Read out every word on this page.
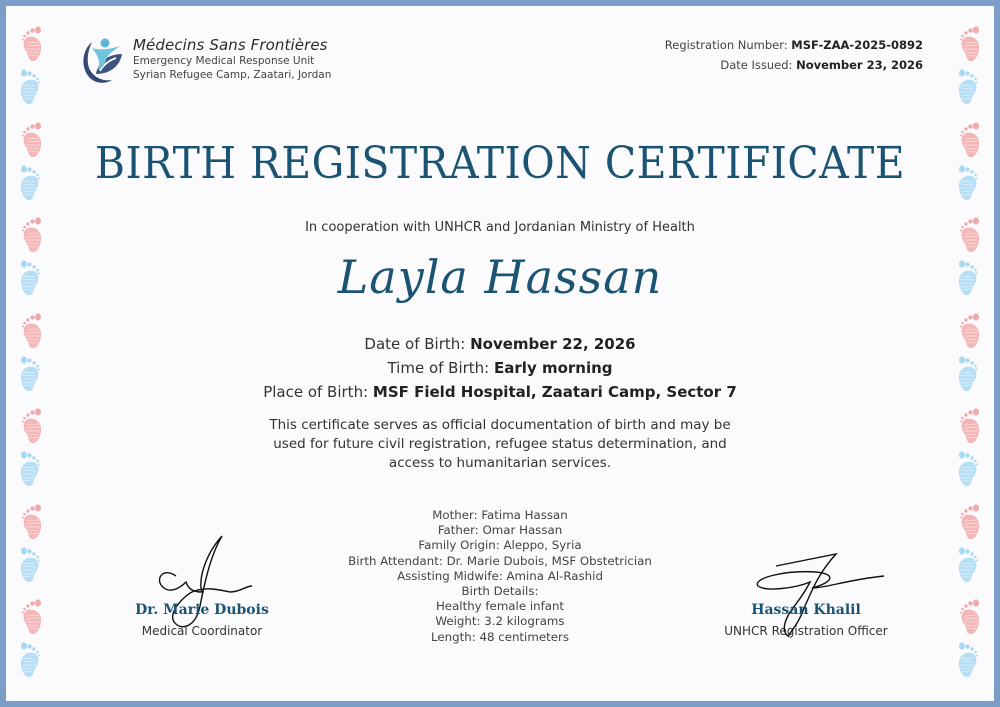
Médecins Sans Frontières
Emergency Medical Response Unit
Syrian Refugee Camp, Zaatari, Jordan
Registration Number: MSF-ZAA-2025-0892
Date Issued: November 23, 2026
BIRTH REGISTRATION CERTIFICATE
In cooperation with UNHCR and Jordanian Ministry of Health
Layla Hassan
Date of Birth: November 22, 2026
Time of Birth: Early morning
Place of Birth: MSF Field Hospital, Zaatari Camp, Sector 7
This certificate serves as official documentation of birth and may be used for future civil registration, refugee status determination, and access to humanitarian services.
Mother: Fatima Hassan
Father: Omar Hassan
Family Origin: Aleppo, Syria
Birth Attendant: Dr. Marie Dubois, MSF Obstetrician
Assisting Midwife: Amina Al-Rashid
Birth Details:
Healthy female infant
Weight: 3.2 kilograms
Length: 48 centimeters
Dr. Marie Dubois
Medical Coordinator
Hassan Khalil
UNHCR Registration Officer
